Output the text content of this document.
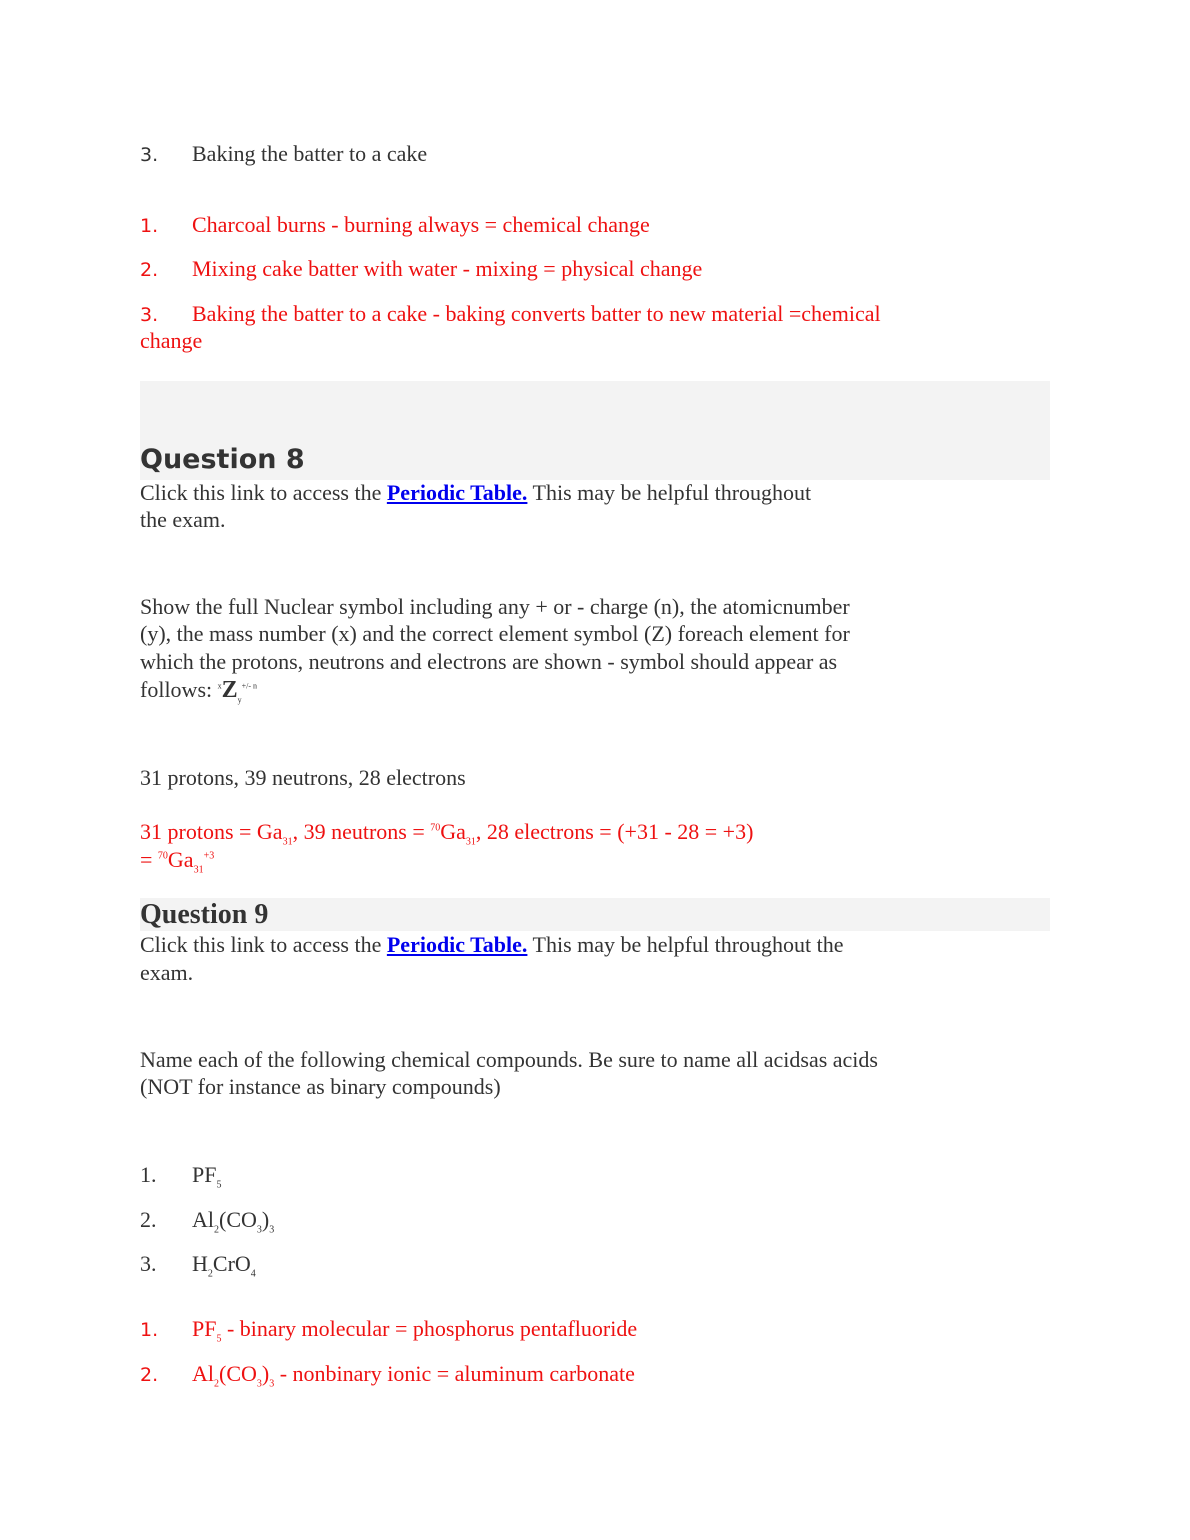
3. Baking the batter to a cake
1. Charcoal burns - burning always = chemical change
2. Mixing cake batter with water - mixing = physical change
3. Baking the batter to a cake - baking converts batter to new material =chemical
change
Question 8
Click this link to access the Periodic Table. This may be helpful throughout
the exam.
Show the full Nuclear symbol including any + or - charge (n), the atomicnumber
(y), the mass number (x) and the correct element symbol (Z) foreach element for
which the protons, neutrons and electrons are shown - symbol should appear as
follows: $^xZ_y^{+/- n}$
31 protons, 39 neutrons, 28 electrons
31 protons = $Ga_{31}$, 39 neutrons = $^{70}Ga_{31}$, 28 electrons = (+31 - 28 = +3)
= $^{70}Ga_{31}^{+3}$
Question 9
Click this link to access the Periodic Table. This may be helpful throughout the
exam.
Name each of the following chemical compounds. Be sure to name all acidsas acids
(NOT for instance as binary compounds)
1. $PF_5$
2. $Al_2(CO_3)_3$
3. $H_2CrO_4$
1. $PF_5$ - binary molecular = phosphorus pentafluoride
2. $Al_2(CO_3)_3$ - nonbinary ionic = aluminum carbonate
